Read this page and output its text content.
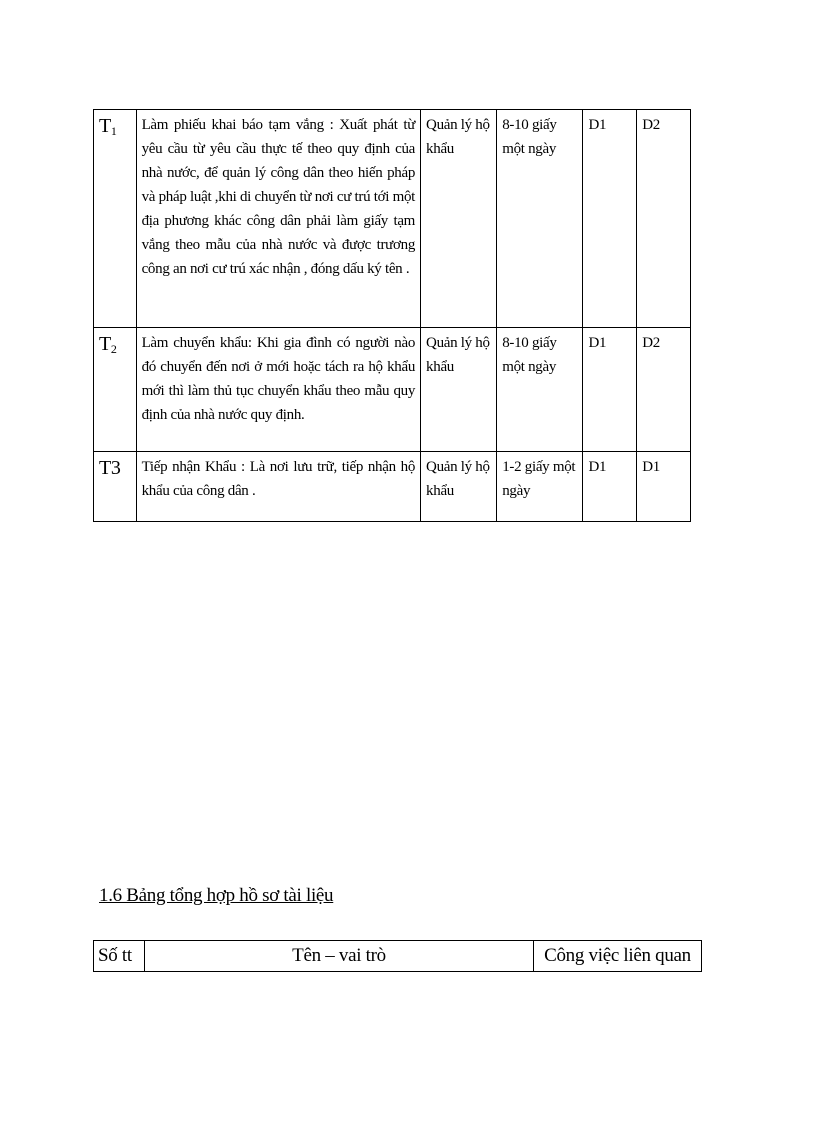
$T_1$	Làm phiếu khai báo tạm vắng : Xuất phát từ yêu cầu từ yêu cầu thực tế theo quy định của nhà nước, để quản lý công dân theo hiến pháp và pháp luật ,khi di chuyển từ nơi cư trú tới một địa phương khác công dân phải làm giấy tạm vắng theo mẫu của nhà nước và được trương công an nơi cư trú xác nhận , đóng dấu ký tên .	Quản lý hộ khẩu	8-10 giấy một ngày	D1	D2
$T_2$	Làm chuyển khẩu: Khi gia đình có người nào đó chuyển đến nơi ở mới hoặc tách ra hộ khẩu mới thì làm thủ tục chuyển khẩu theo mẫu quy định của nhà nước quy định.	Quản lý hộ khẩu	8-10 giấy một ngày	D1	D2
T3	Tiếp nhận Khẩu : Là nơi lưu trữ, tiếp nhận hộ khẩu của công dân .	Quản lý hộ khẩu	1-2 giấy một ngày	D1	D1
1.6 Bảng tổng hợp hồ sơ tài liệu
Số tt	Tên – vai trò	Công việc liên quan
